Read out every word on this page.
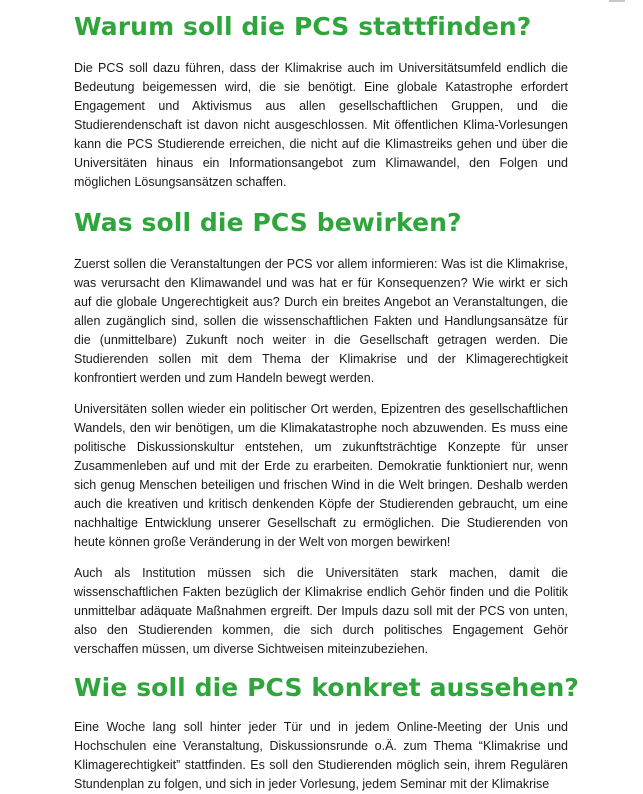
Warum soll die PCS stattfinden?

Die PCS soll dazu führen, dass der Klimakrise auch im Universitätsumfeld endlich die Bedeutung beigemessen wird, die sie benötigt. Eine globale Katastrophe erfordert Engagement und Aktivismus aus allen gesellschaftlichen Gruppen, und die Studierendenschaft ist davon nicht ausgeschlossen. Mit öffentlichen Klima-Vorlesungen kann die PCS Studierende erreichen, die nicht auf die Klimastreiks gehen und über die Universitäten hinaus ein Informationsangebot zum Klimawandel, den Folgen und möglichen Lösungsansätzen schaffen.

Was soll die PCS bewirken?

Zuerst sollen die Veranstaltungen der PCS vor allem informieren: Was ist die Klimakrise, was verursacht den Klimawandel und was hat er für Konsequenzen? Wie wirkt er sich auf die globale Ungerechtigkeit aus? Durch ein breites Angebot an Veranstaltungen, die allen zugänglich sind, sollen die wissenschaftlichen Fakten und Handlungsansätze für die (unmittelbare) Zukunft noch weiter in die Gesellschaft getragen werden. Die Studierenden sollen mit dem Thema der Klimakrise und der Klimagerechtigkeit konfrontiert werden und zum Handeln bewegt werden.

Universitäten sollen wieder ein politischer Ort werden, Epizentren des gesellschaftlichen Wandels, den wir benötigen, um die Klimakatastrophe noch abzuwenden. Es muss eine politische Diskussionskultur entstehen, um zukunftsträchtige Konzepte für unser Zusammenleben auf und mit der Erde zu erarbeiten. Demokratie funktioniert nur, wenn sich genug Menschen beteiligen und frischen Wind in die Welt bringen. Deshalb werden auch die kreativen und kritisch denkenden Köpfe der Studierenden gebraucht, um eine nachhaltige Entwicklung unserer Gesellschaft zu ermöglichen. Die Studierenden von heute können große Veränderung in der Welt von morgen bewirken!

Auch als Institution müssen sich die Universitäten stark machen, damit die wissenschaftlichen Fakten bezüglich der Klimakrise endlich Gehör finden und die Politik unmittelbar adäquate Maßnahmen ergreift. Der Impuls dazu soll mit der PCS von unten, also den Studierenden kommen, die sich durch politisches Engagement Gehör verschaffen müssen, um diverse Sichtweisen miteinzubeziehen.

Wie soll die PCS konkret aussehen?

Eine Woche lang soll hinter jeder Tür und in jedem Online-Meeting der Unis und Hochschulen eine Veranstaltung, Diskussionsrunde o.Ä. zum Thema “Klimakrise und Klimagerechtigkeit” stattfinden. Es soll den Studierenden möglich sein, ihrem Regulären Stundenplan zu folgen, und sich in jeder Vorlesung, jedem Seminar mit der Klimakrise
